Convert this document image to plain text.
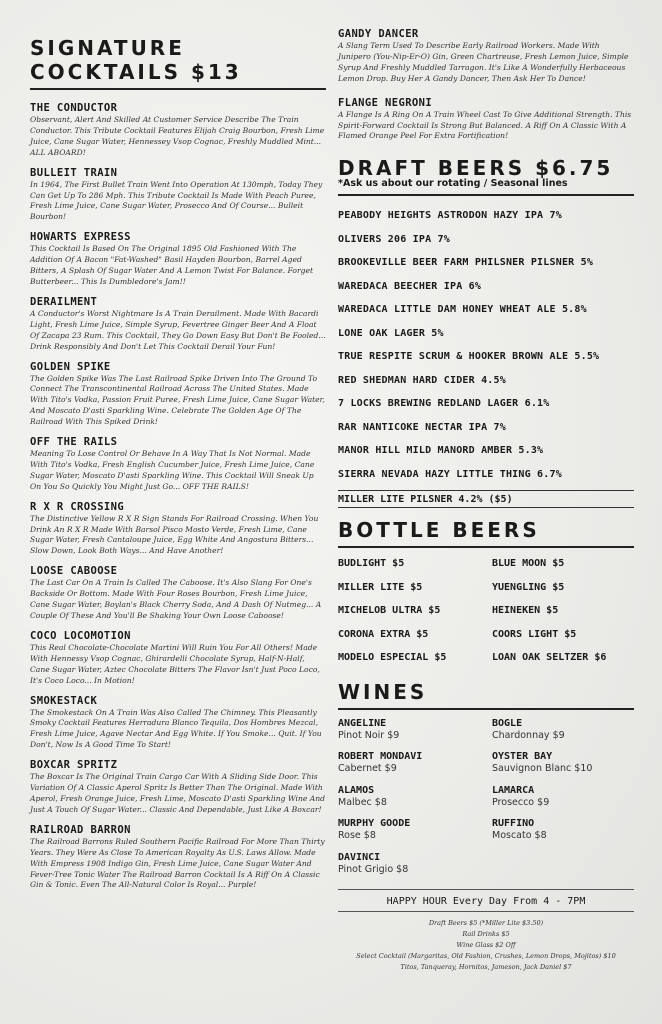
SIGNATURE COCKTAILS $13
THE CONDUCTOR
Observant, Alert And Skilled At Customer Service Describe The Train Conductor. This Tribute Cocktail Features Elijah Craig Bourbon, Fresh Lime Juice, Cane Sugar Water, Hennessey Vsop Cognac, Freshly Muddled Mint... ALL ABOARD!
BULLEIT TRAIN
In 1964, The First Bullet Train Went Into Operation At 130mph, Today They Can Get Up To 286 Mph. This Tribute Cocktail Is Made With Peach Puree, Fresh Lime Juice, Cane Sugar Water, Prosecco And Of Course... Bulleit Bourbon!
HOWARTS EXPRESS
This Cocktail Is Based On The Original 1895 Old Fashioned With The Addition Of A Bacon "Fat-Washed" Basil Hayden Bourbon, Barrel Aged Bitters, A Splash Of Sugar Water And A Lemon Twist For Balance. Forget Butterbeer... This Is Dumbledore's Jam!!
DERAILMENT
A Conductor's Worst Nightmare Is A Train Derailment. Made With Bacardi Light, Fresh Lime Juice, Simple Syrup, Fevertree Ginger Beer And A Float Of Zacapa 23 Rum. This Cocktail, They Go Down Easy But Don't Be Fooled... Drink Responsibly And Don't Let This Cocktail Derail Your Fun!
GOLDEN SPIKE
The Golden Spike Was The Last Railroad Spike Driven Into The Ground To Connect The Transcontinental Railroad Across The United States. Made With Tito's Vodka, Passion Fruit Puree, Fresh Lime Juice, Cane Sugar Water, And Moscato D'asti Sparkling Wine. Celebrate The Golden Age Of The Railroad With This Spiked Drink!
OFF THE RAILS
Meaning To Lose Control Or Behave In A Way That Is Not Normal. Made With Tito's Vodka, Fresh English Cucumber Juice, Fresh Lime Juice, Cane Sugar Water, Moscato D'asti Sparkling Wine. This Cocktail Will Sneak Up On You So Quickly You Might Just Go... OFF THE RAILS!
R X R CROSSING
The Distinctive Yellow R X R Sign Stands For Railroad Crossing. When You Drink An R X R Made With Barsol Pisco Mosto Verde, Fresh Lime, Cane Sugar Water, Fresh Cantaloupe Juice, Egg White And Angostura Bitters... Slow Down, Look Both Ways... And Have Another!
LOOSE CABOOSE
The Last Car On A Train Is Called The Caboose. It's Also Slang For One's Backside Or Bottom. Made With Four Roses Bourbon, Fresh Lime Juice, Cane Sugar Water, Boylan's Black Cherry Soda, And A Dash Of Nutmeg... A Couple Of These And You'll Be Shaking Your Own Loose Caboose!
COCO LOCOMOTION
This Real Chocolate-Chocolate Martini Will Ruin You For All Others! Made With Hennessy Vsop Cognac, Ghirardelli Chocolate Syrup, Half-N-Half, Cane Sugar Water, Aztec Chocolate Bitters The Flavor Isn't Just Poco Loco, It's Coco Loco... In Motion!
SMOKESTACK
The Smokestack On A Train Was Also Called The Chimney. This Pleasantly Smoky Cocktail Features Herradura Blanco Tequila, Dos Hombres Mezcal, Fresh Lime Juice, Agave Nectar And Egg White. If You Smoke... Quit. If You Don't, Now Is A Good Time To Start!
BOXCAR SPRITZ
The Boxcar Is The Original Train Cargo Car With A Sliding Side Door. This Variation Of A Classic Aperol Spritz Is Better Than The Original. Made With Aperol, Fresh Orange Juice, Fresh Lime, Moscato D'asti Sparkling Wine And Just A Touch Of Sugar Water... Classic And Dependable, Just Like A Boxcar!
RAILROAD BARRON
The Railroad Barrons Ruled Southern Pacific Railroad For More Than Thirty Years. They Were As Close To American Royalty As U.S. Laws Allow. Made With Empress 1908 Indigo Gin, Fresh Lime Juice, Cane Sugar Water And Fever-Tree Tonic Water The Railroad Barron Cocktail Is A Riff On A Classic Gin & Tonic. Even The All-Natural Color Is Royal... Purple!
GANDY DANCER
A Slang Term Used To Describe Early Railroad Workers. Made With Junipero (You-Nip-Er-O) Gin, Green Chartreuse, Fresh Lemon Juice, Simple Syrup And Freshly Muddled Tarragon. It's Like A Wonderfully Herbaceous Lemon Drop. Buy Her A Gandy Dancer, Then Ask Her To Dance!
FLANGE NEGRONI
A Flange Is A Ring On A Train Wheel Cast To Give Additional Strength. This Spirit-Forward Cocktail Is Strong But Balanced. A Riff On A Classic With A Flamed Orange Peel For Extra Fortification!
DRAFT BEERS $6.75
*Ask us about our rotating / Seasonal lines
PEABODY HEIGHTS ASTRODON HAZY IPA 7%
OLIVERS 206 IPA 7%
BROOKEVILLE BEER FARM PHILSNER PILSNER 5%
WAREDACA BEECHER IPA 6%
WAREDACA LITTLE DAM HONEY WHEAT ALE 5.8%
LONE OAK LAGER 5%
TRUE RESPITE SCRUM & HOOKER BROWN ALE 5.5%
RED SHEDMAN HARD CIDER 4.5%
7 LOCKS BREWING REDLAND LAGER 6.1%
RAR NANTICOKE NECTAR IPA 7%
MANOR HILL MILD MANORD AMBER 5.3%
SIERRA NEVADA HAZY LITTLE THING 6.7%
MILLER LITE PILSNER 4.2% ($5)
BOTTLE BEERS
BUDLIGHT $5	BLUE MOON $5
MILLER LITE $5	YUENGLING $5
MICHELOB ULTRA $5	HEINEKEN $5
CORONA EXTRA $5	COORS LIGHT $5
MODELO ESPECIAL $5	LOAN OAK SELTZER $6
WINES
ANGELINE
Pinot Noir $9
BOGLE
Chardonnay $9
ROBERT MONDAVI
Cabernet $9
OYSTER BAY
Sauvignon Blanc $10
ALAMOS
Malbec $8
LAMARCA
Prosecco $9
MURPHY GOODE
Rose $8
RUFFINO
Moscato $8
DAVINCI
Pinot Grigio $8
HAPPY HOUR Every Day From 4 - 7PM
Draft Beers $5 (*Miller Lite $3.50)
Rail Drinks $5
Wine Glass $2 Off
Select Cocktail (Margaritas, Old Fashion, Crushes, Lemon Drops, Mojitos) $10
Titos, Tanqueray, Hornitos, Jameson, Jack Daniel $7
